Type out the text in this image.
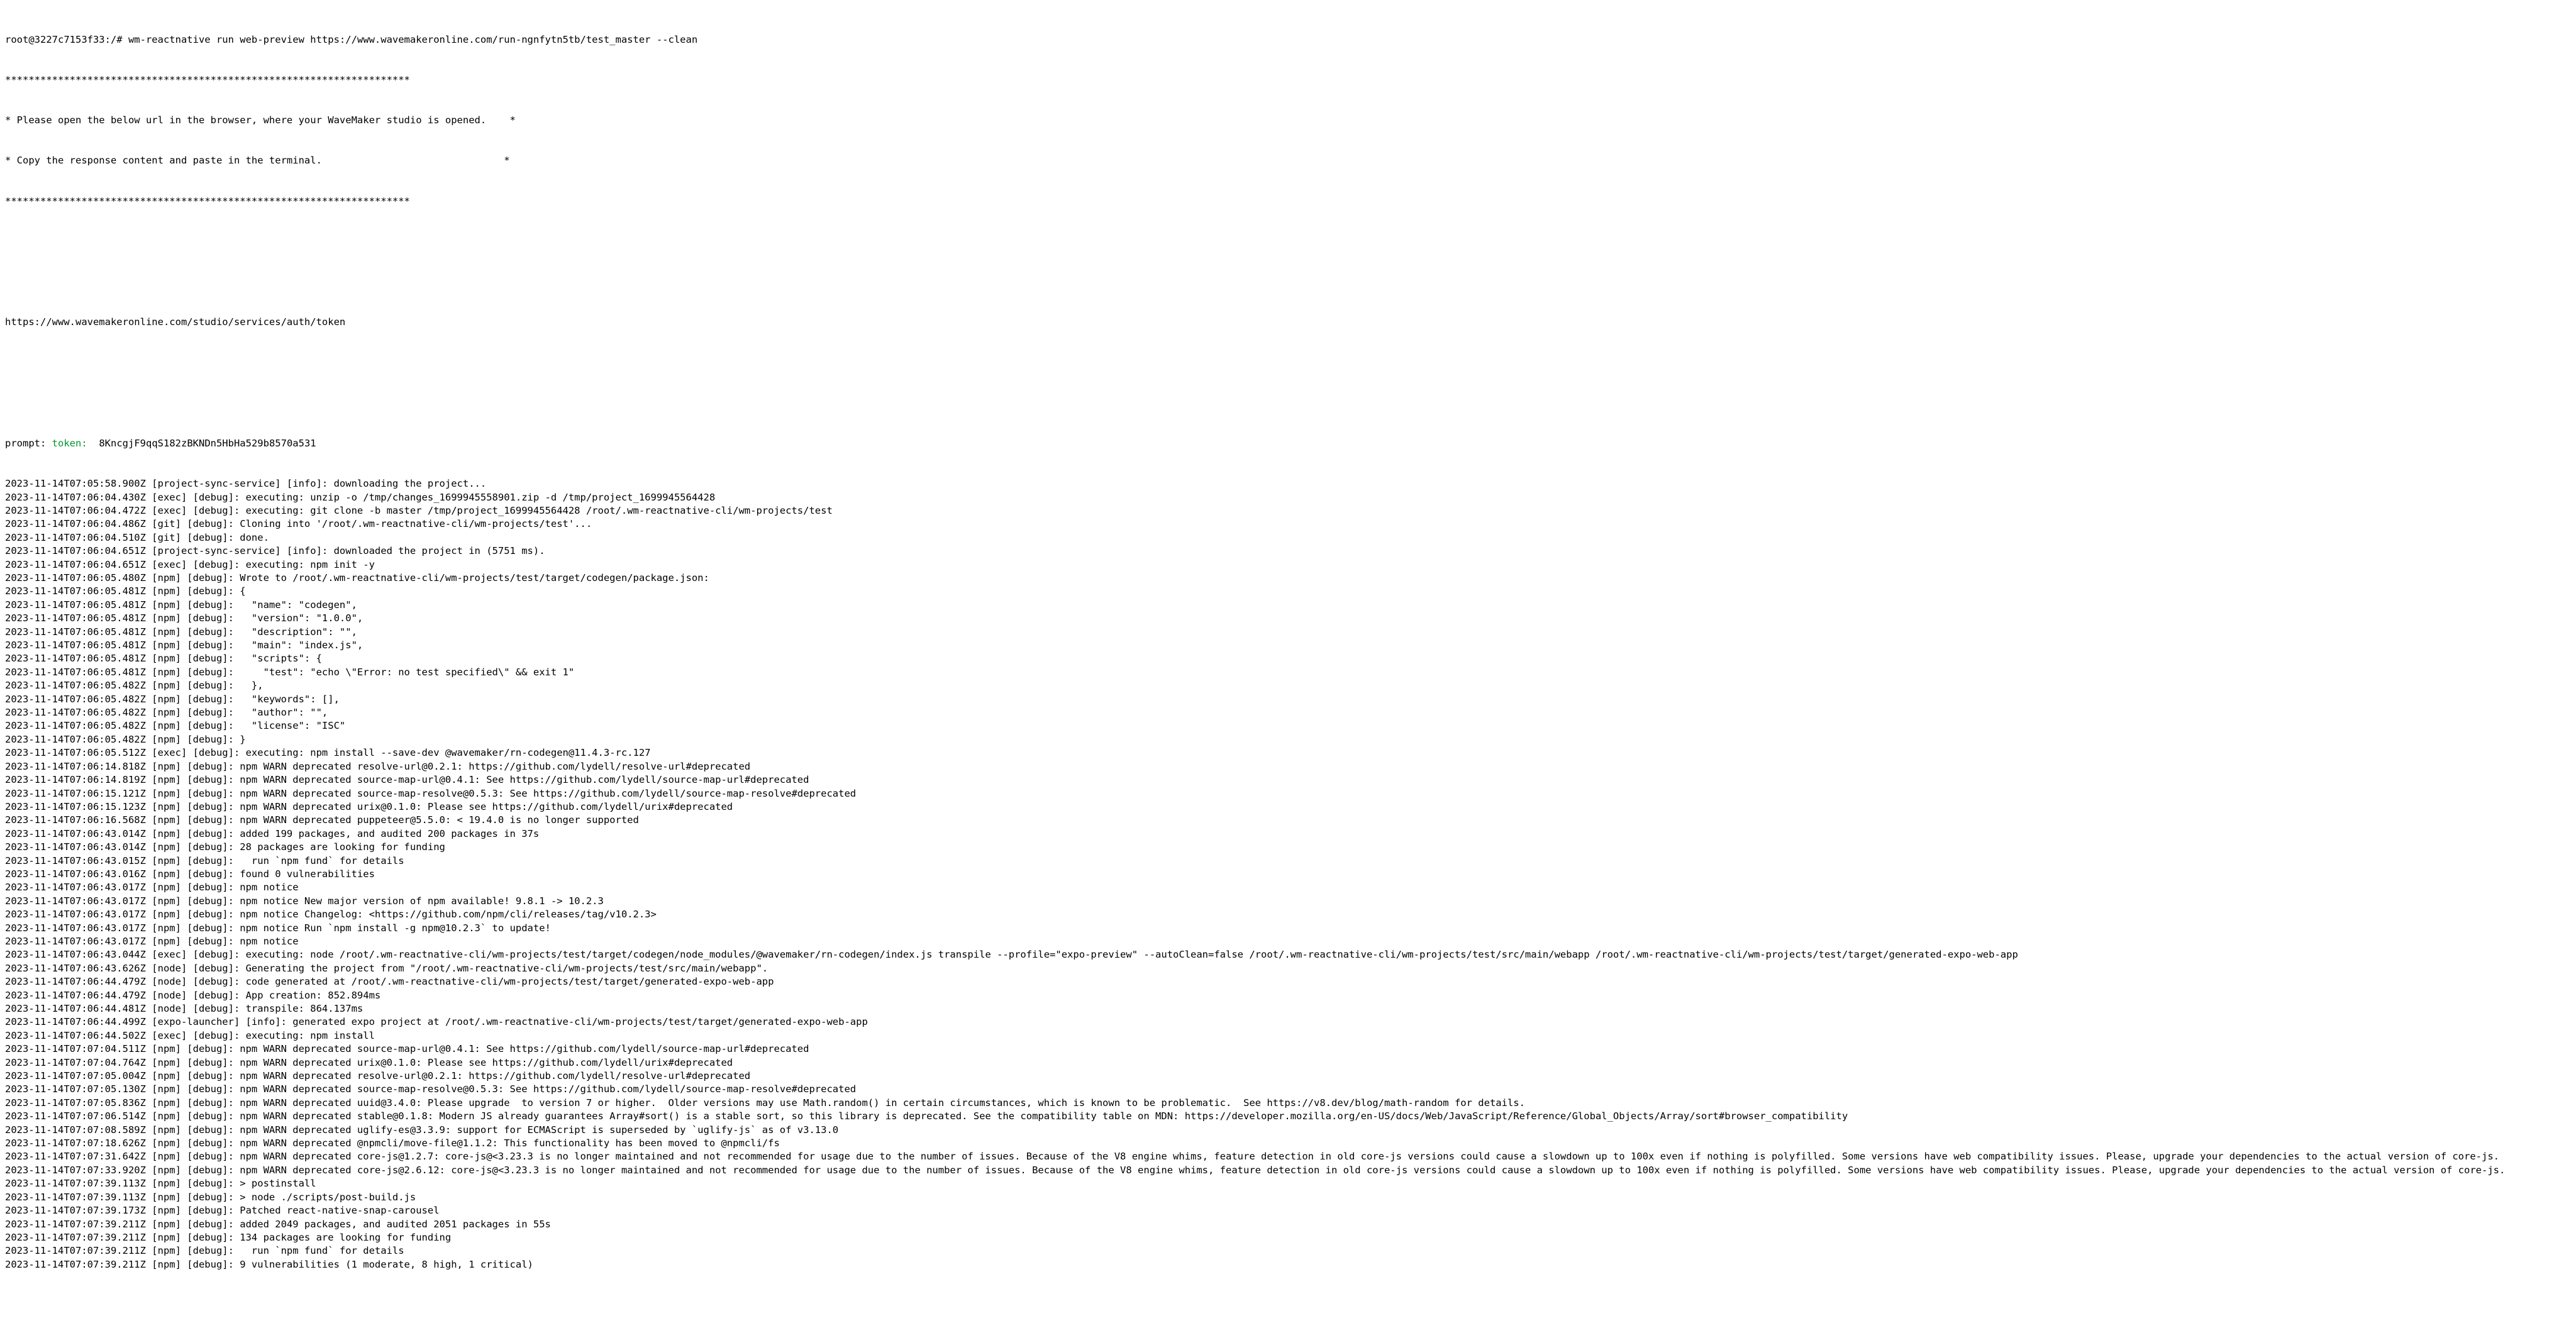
root@3227c7153f33:/# wm-reactnative run web-preview https://www.wavemakeronline.com/run-ngnfytn5tb/test_master --clean

*********************************************************************

* Please open the below url in the browser, where your WaveMaker studio is opened.    *

* Copy the response content and paste in the terminal.                               *

*********************************************************************

https://www.wavemakeronline.com/studio/services/auth/token

prompt: token: 8KncgjF9qqS182zBKNDn5HbHa529b8570a531

2023-11-14T07:05:58.900Z [project-sync-service] [info]: downloading the project...
2023-11-14T07:06:04.430Z [exec] [debug]: executing: unzip -o /tmp/changes_1699945558901.zip -d /tmp/project_1699945564428
2023-11-14T07:06:04.472Z [exec] [debug]: executing: git clone -b master /tmp/project_1699945564428 /root/.wm-reactnative-cli/wm-projects/test
2023-11-14T07:06:04.486Z [git] [debug]: Cloning into '/root/.wm-reactnative-cli/wm-projects/test'...
2023-11-14T07:06:04.510Z [git] [debug]: done.
2023-11-14T07:06:04.651Z [project-sync-service] [info]: downloaded the project in (5751 ms).
2023-11-14T07:06:04.651Z [exec] [debug]: executing: npm init -y
2023-11-14T07:06:05.480Z [npm] [debug]: Wrote to /root/.wm-reactnative-cli/wm-projects/test/target/codegen/package.json:
2023-11-14T07:06:05.481Z [npm] [debug]: {
2023-11-14T07:06:05.481Z [npm] [debug]:   "name": "codegen",
2023-11-14T07:06:05.481Z [npm] [debug]:   "version": "1.0.0",
2023-11-14T07:06:05.481Z [npm] [debug]:   "description": "",
2023-11-14T07:06:05.481Z [npm] [debug]:   "main": "index.js",
2023-11-14T07:06:05.481Z [npm] [debug]:   "scripts": {
2023-11-14T07:06:05.481Z [npm] [debug]:     "test": "echo \"Error: no test specified\" && exit 1"
2023-11-14T07:06:05.482Z [npm] [debug]:   },
2023-11-14T07:06:05.482Z [npm] [debug]:   "keywords": [],
2023-11-14T07:06:05.482Z [npm] [debug]:   "author": "",
2023-11-14T07:06:05.482Z [npm] [debug]:   "license": "ISC"
2023-11-14T07:06:05.482Z [npm] [debug]: }
2023-11-14T07:06:05.512Z [exec] [debug]: executing: npm install --save-dev @wavemaker/rn-codegen@11.4.3-rc.127
2023-11-14T07:06:14.818Z [npm] [debug]: npm WARN deprecated resolve-url@0.2.1: https://github.com/lydell/resolve-url#deprecated
2023-11-14T07:06:14.819Z [npm] [debug]: npm WARN deprecated source-map-url@0.4.1: See https://github.com/lydell/source-map-url#deprecated
2023-11-14T07:06:15.121Z [npm] [debug]: npm WARN deprecated source-map-resolve@0.5.3: See https://github.com/lydell/source-map-resolve#deprecated
2023-11-14T07:06:15.123Z [npm] [debug]: npm WARN deprecated urix@0.1.0: Please see https://github.com/lydell/urix#deprecated
2023-11-14T07:06:16.568Z [npm] [debug]: npm WARN deprecated puppeteer@5.5.0: < 19.4.0 is no longer supported
2023-11-14T07:06:43.014Z [npm] [debug]: added 199 packages, and audited 200 packages in 37s
2023-11-14T07:06:43.014Z [npm] [debug]: 28 packages are looking for funding
2023-11-14T07:06:43.015Z [npm] [debug]:   run `npm fund` for details
2023-11-14T07:06:43.016Z [npm] [debug]: found 0 vulnerabilities
2023-11-14T07:06:43.017Z [npm] [debug]: npm notice
2023-11-14T07:06:43.017Z [npm] [debug]: npm notice New major version of npm available! 9.8.1 -> 10.2.3
2023-11-14T07:06:43.017Z [npm] [debug]: npm notice Changelog: <https://github.com/npm/cli/releases/tag/v10.2.3>
2023-11-14T07:06:43.017Z [npm] [debug]: npm notice Run `npm install -g npm@10.2.3` to update!
2023-11-14T07:06:43.017Z [npm] [debug]: npm notice
2023-11-14T07:06:43.044Z [exec] [debug]: executing: node /root/.wm-reactnative-cli/wm-projects/test/target/codegen/node_modules/@wavemaker/rn-codegen/index.js transpile --profile="expo-preview" --autoClean=false /root/.wm-reactnative-cli/wm-projects/test/src/main/webapp /root/.wm-reactnative-cli/wm-projects/test/target/generated-expo-web-app
2023-11-14T07:06:43.626Z [node] [debug]: Generating the project from "/root/.wm-reactnative-cli/wm-projects/test/src/main/webapp".
2023-11-14T07:06:44.479Z [node] [debug]: code generated at /root/.wm-reactnative-cli/wm-projects/test/target/generated-expo-web-app
2023-11-14T07:06:44.479Z [node] [debug]: App creation: 852.894ms
2023-11-14T07:06:44.481Z [node] [debug]: transpile: 864.137ms
2023-11-14T07:06:44.499Z [expo-launcher] [info]: generated expo project at /root/.wm-reactnative-cli/wm-projects/test/target/generated-expo-web-app
2023-11-14T07:06:44.502Z [exec] [debug]: executing: npm install
2023-11-14T07:07:04.511Z [npm] [debug]: npm WARN deprecated source-map-url@0.4.1: See https://github.com/lydell/source-map-url#deprecated
2023-11-14T07:07:04.764Z [npm] [debug]: npm WARN deprecated urix@0.1.0: Please see https://github.com/lydell/urix#deprecated
2023-11-14T07:07:05.004Z [npm] [debug]: npm WARN deprecated resolve-url@0.2.1: https://github.com/lydell/resolve-url#deprecated
2023-11-14T07:07:05.130Z [npm] [debug]: npm WARN deprecated source-map-resolve@0.5.3: See https://github.com/lydell/source-map-resolve#deprecated
2023-11-14T07:07:05.836Z [npm] [debug]: npm WARN deprecated uuid@3.4.0: Please upgrade  to version 7 or higher.  Older versions may use Math.random() in certain circumstances, which is known to be problematic.  See https://v8.dev/blog/math-random for details.
2023-11-14T07:07:06.514Z [npm] [debug]: npm WARN deprecated stable@0.1.8: Modern JS already guarantees Array#sort() is a stable sort, so this library is deprecated. See the compatibility table on MDN: https://developer.mozilla.org/en-US/docs/Web/JavaScript/Reference/Global_Objects/Array/sort#browser_compatibility
2023-11-14T07:07:08.589Z [npm] [debug]: npm WARN deprecated uglify-es@3.3.9: support for ECMAScript is superseded by `uglify-js` as of v3.13.0
2023-11-14T07:07:18.626Z [npm] [debug]: npm WARN deprecated @npmcli/move-file@1.1.2: This functionality has been moved to @npmcli/fs
2023-11-14T07:07:31.642Z [npm] [debug]: npm WARN deprecated core-js@1.2.7: core-js@<3.23.3 is no longer maintained and not recommended for usage due to the number of issues. Because of the V8 engine whims, feature detection in old core-js versions could cause a slowdown up to 100x even if nothing is polyfilled. Some versions have web compatibility issues. Please, upgrade your dependencies to the actual version of core-js.
2023-11-14T07:07:33.920Z [npm] [debug]: npm WARN deprecated core-js@2.6.12: core-js@<3.23.3 is no longer maintained and not recommended for usage due to the number of issues. Because of the V8 engine whims, feature detection in old core-js versions could cause a slowdown up to 100x even if nothing is polyfilled. Some versions have web compatibility issues. Please, upgrade your dependencies to the actual version of core-js.
2023-11-14T07:07:39.113Z [npm] [debug]: > postinstall
2023-11-14T07:07:39.113Z [npm] [debug]: > node ./scripts/post-build.js
2023-11-14T07:07:39.173Z [npm] [debug]: Patched react-native-snap-carousel
2023-11-14T07:07:39.211Z [npm] [debug]: added 2049 packages, and audited 2051 packages in 55s
2023-11-14T07:07:39.211Z [npm] [debug]: 134 packages are looking for funding
2023-11-14T07:07:39.211Z [npm] [debug]:   run `npm fund` for details
2023-11-14T07:07:39.211Z [npm] [debug]: 9 vulnerabilities (1 moderate, 8 high, 1 critical)
